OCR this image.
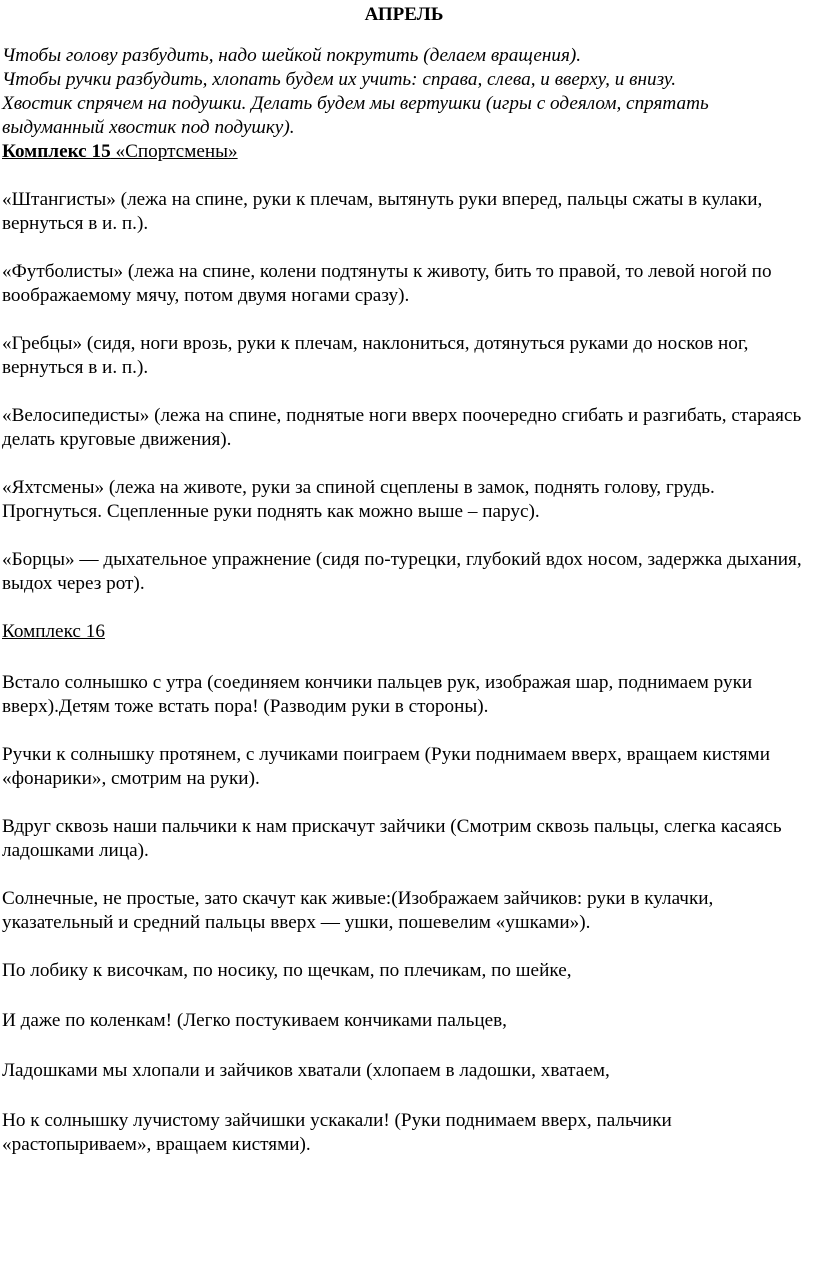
АПРЕЛЬ
Чтобы голову разбудить, надо шейкой покрутить (делаем вращения).
Чтобы ручки разбудить, хлопать будем их учить: справа, слева, и вверху, и внизу.
Хвостик спрячем на подушки. Делать будем мы вертушки (игры с одеялом, спрятать выдуманный хвостик под подушку).
Комплекс 15 «Спортсмены»

«Штангисты» (лежа на спине, руки к плечам, вытянуть руки вперед, пальцы сжаты в кулаки, вернуться в и. п.).

«Футболисты» (лежа на спине, колени подтянуты к животу, бить то правой, то левой ногой по воображаемому мячу, потом двумя ногами сразу).

«Гребцы» (сидя, ноги врозь, руки к плечам, наклониться, дотянуться руками до носков ног, вернуться в и. п.).

«Велосипедисты» (лежа на спине, поднятые ноги вверх поочередно сгибать и разгибать, стараясь делать круговые движения).

«Яхтсмены» (лежа на животе, руки за спиной сцеплены в замок, поднять голову, грудь. Прогнуться. Сцепленные руки поднять как можно выше – парус).

«Борцы» — дыхательное упражнение (сидя по-турецки, глубокий вдох носом, задержка дыхания, выдох через рот).

Комплекс 16

Встало солнышко с утра (соединяем кончики пальцев рук, изображая шар, поднимаем руки вверх).Детям тоже встать пора! (Разводим руки в стороны).

Ручки к солнышку протянем, с лучиками поиграем (Руки поднимаем вверх, вращаем кистями «фонарики», смотрим на руки).

Вдруг сквозь наши пальчики к нам прискачут зайчики (Смотрим сквозь пальцы, слегка касаясь ладошками лица).

Солнечные, не простые, зато скачут как живые:(Изображаем зайчиков: руки в кулачки, указательный и средний пальцы вверх — ушки, пошевелим «ушками»).

По лобику к височкам, по носику, по щечкам, по плечикам, по шейке,

И даже по коленкам! (Легко постукиваем кончиками пальцев,

Ладошками мы хлопали и зайчиков хватали (хлопаем в ладошки, хватаем,

Но к солнышку лучистому зайчишки ускакали! (Руки поднимаем вверх, пальчики «растопыриваем», вращаем кистями).
